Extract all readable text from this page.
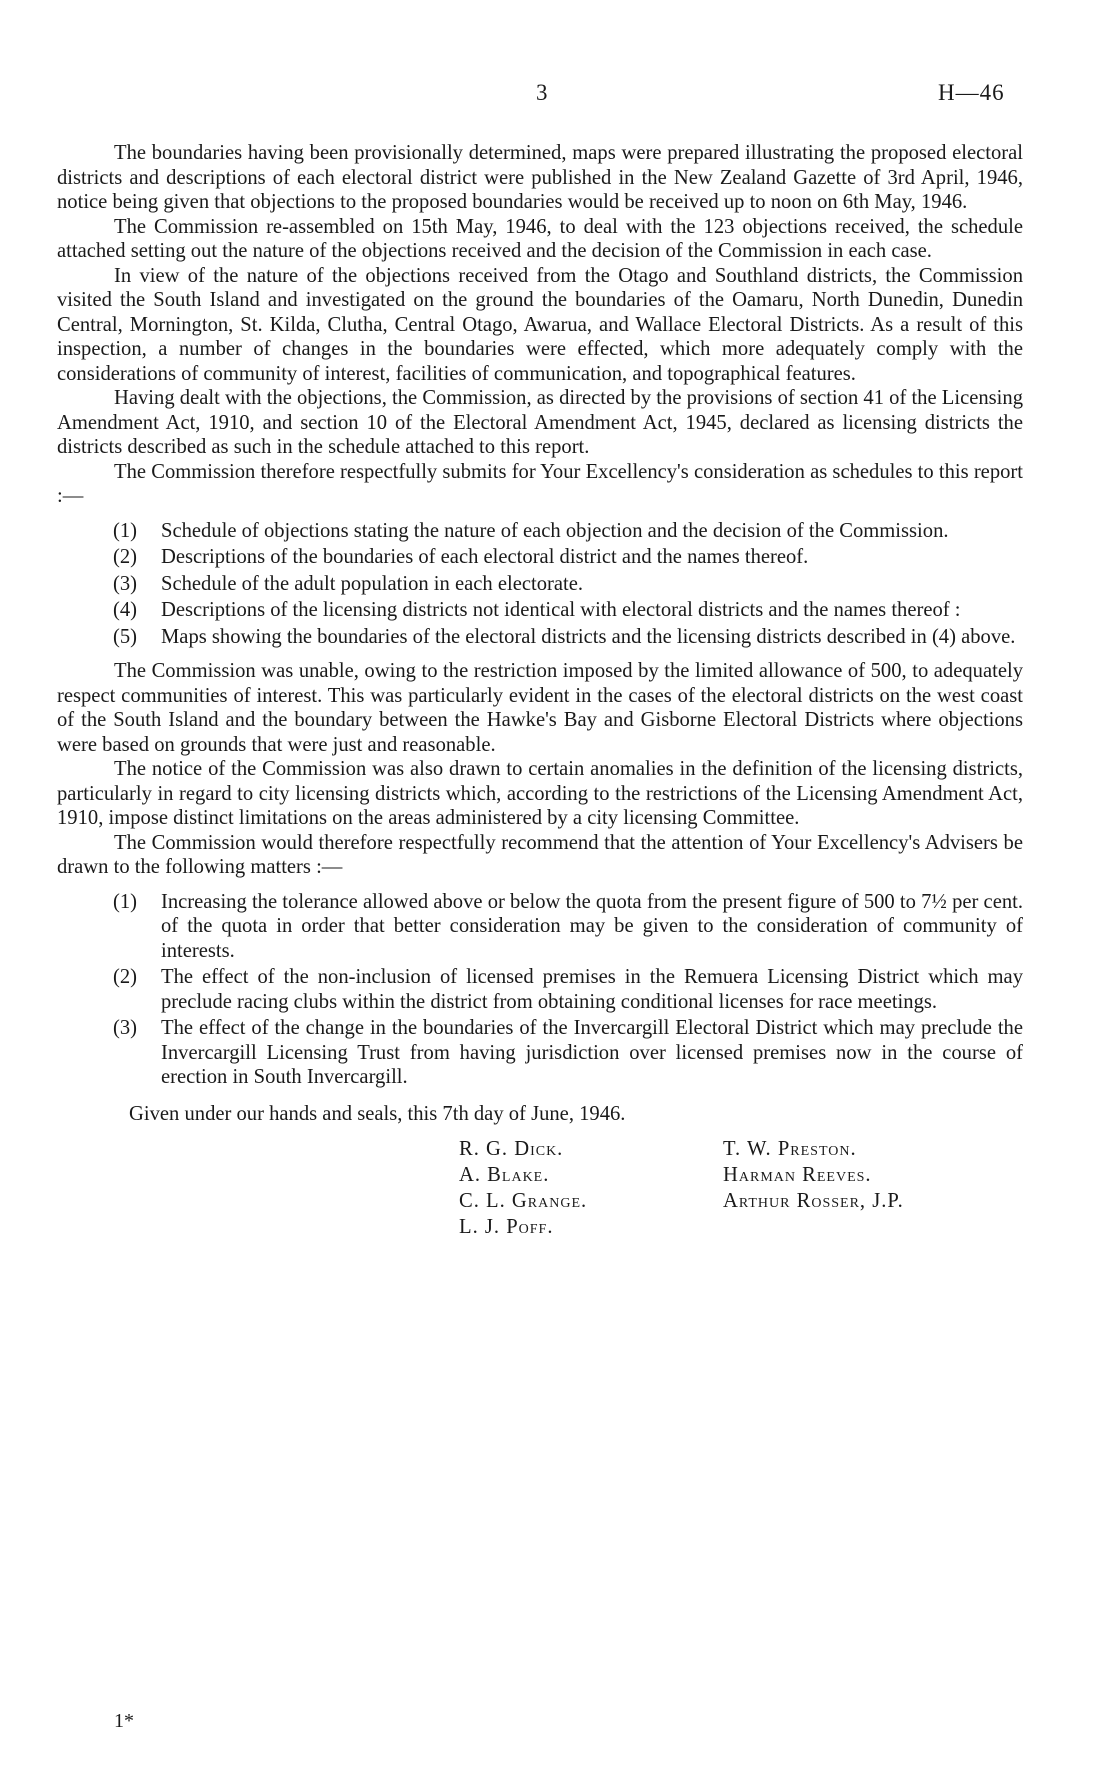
3	H—46

The boundaries having been provisionally determined, maps were prepared illustrating the proposed electoral districts and descriptions of each electoral district were published in the New Zealand Gazette of 3rd April, 1946, notice being given that objections to the proposed boundaries would be received up to noon on 6th May, 1946.

The Commission re-assembled on 15th May, 1946, to deal with the 123 objections received, the schedule attached setting out the nature of the objections received and the decision of the Commission in each case.

In view of the nature of the objections received from the Otago and Southland districts, the Commission visited the South Island and investigated on the ground the boundaries of the Oamaru, North Dunedin, Dunedin Central, Mornington, St. Kilda, Clutha, Central Otago, Awarua, and Wallace Electoral Districts. As a result of this inspection, a number of changes in the boundaries were effected, which more adequately comply with the considerations of community of interest, facilities of communication, and topographical features.

Having dealt with the objections, the Commission, as directed by the provisions of section 41 of the Licensing Amendment Act, 1910, and section 10 of the Electoral Amendment Act, 1945, declared as licensing districts the districts described as such in the schedule attached to this report.

The Commission therefore respectfully submits for Your Excellency's consideration as schedules to this report :—

(1)	Schedule of objections stating the nature of each objection and the decision of the Commission.
(2)	Descriptions of the boundaries of each electoral district and the names thereof.
(3)	Schedule of the adult population in each electorate.
(4)	Descriptions of the licensing districts not identical with electoral districts and the names thereof :
(5)	Maps showing the boundaries of the electoral districts and the licensing districts described in (4) above.

The Commission was unable, owing to the restriction imposed by the limited allowance of 500, to adequately respect communities of interest. This was particularly evident in the cases of the electoral districts on the west coast of the South Island and the boundary between the Hawke's Bay and Gisborne Electoral Districts where objections were based on grounds that were just and reasonable.

The notice of the Commission was also drawn to certain anomalies in the definition of the licensing districts, particularly in regard to city licensing districts which, according to the restrictions of the Licensing Amendment Act, 1910, impose distinct limitations on the areas administered by a city licensing Committee.

The Commission would therefore respectfully recommend that the attention of Your Excellency's Advisers be drawn to the following matters :—

(1)	Increasing the tolerance allowed above or below the quota from the present figure of 500 to 7½ per cent. of the quota in order that better consideration may be given to the consideration of community of interests.
(2)	The effect of the non-inclusion of licensed premises in the Remuera Licensing District which may preclude racing clubs within the district from obtaining conditional licenses for race meetings.
(3)	The effect of the change in the boundaries of the Invercargill Electoral District which may preclude the Invercargill Licensing Trust from having jurisdiction over licensed premises now in the course of erection in South Invercargill.

Given under our hands and seals, this 7th day of June, 1946.

R. G. Dick.
A. Blake.
C. L. Grange.
L. J. Poff.
T. W. Preston.
Harman Reeves.
Arthur Rosser, J.P.
1*
